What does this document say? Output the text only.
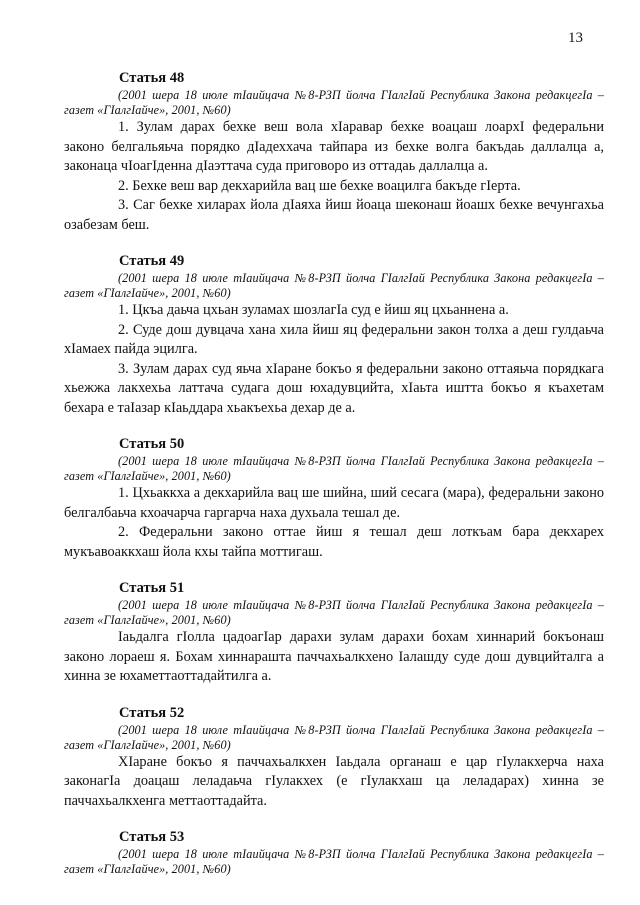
13
Статья 48

(2001 шера 18 июле тІаийцача №8-РЗП йолча ГІалгІай Республика Закона редакцегІа – газет «ГІалгІайче», 2001, №60)

1. Зулам дарах бехке веш вола хІаравар бехке воацаш лоархІ федеральни законо белгальяьча порядко дІадеххача тайпара из бехке волга бакъдаь даллалца а, законаца чІоагІденна дІаэттача суда приговоро из оттадаь даллалца а.

2. Бехке веш вар декхарийла вац ше бехке воацилга бакъде гІерта.

3. Саг бехке хиларах йола дІаяха йиш йоаца шеконаш йоашх бехке вечунгахьа озабезам беш.

Статья 49

(2001 шера 18 июле тІаийцача №8-РЗП йолча ГІалгІай Республика Закона редакцегІа – газет «ГІалгІайче», 2001, №60)

1. Цкъа даьча цхьан зуламах шозлагІа суд е йиш яц цхьаннена а.

2. Суде дош дувцача хана хила йиш яц федеральни закон толха а деш гулдаьча хІамаех пайда эцилга.

3. Зулам дарах суд яьча хІаране бокъо я федеральни законо оттаяьча порядкага хьежжа лакхехьа латтача судага дош юхадувцийта, хІаьта ишттa бокъо я къахетам бехара е таІазар кІаьддара хьакъехьа дехар де а.

Статья 50

(2001 шера 18 июле тІаийцача №8-РЗП йолча ГІалгІай Республика Закона редакцегІа – газет «ГІалгІайче», 2001, №60)

1. Цхьаккха а декхарийла вац ше шийна, ший сесага (мара), федеральни законо белгалбаьча кхоачарча гаргарча наха духьала тешал де.

2. Федеральни законо оттае йиш я тешал деш лоткъам бара декхарех мукъавоаккхаш йола кхы тайпа моттигаш.

Статья 51

(2001 шера 18 июле тІаийцача №8-РЗП йолча ГІалгІай Республика Закона редакцегІа – газет «ГІалгІайче», 2001, №60)

Іаьдалга гІолла цадоагІар дарахи зулам дарахи бохам хиннарий бокъонаш законо лораеш я. Бохам хиннараштa паччахьалкхено Іалашду суде дош дувцийталга а хинна зе юхаметтаоттадайтилга а.

Статья 52

(2001 шера 18 июле тІаийцача №8-РЗП йолча ГІалгІай Республика Закона редакцегІа – газет «ГІалгІайче», 2001, №60)

ХІаране бокъо я паччахьалкхен Іаьдала органаш е цар гІулакхерча наха законагІа доацаш леладаьча гІулакхех (е гІулакхаш ца леладарах) хинна зе паччахьалкхенга меттаоттадайта.

Статья 53

(2001 шера 18 июле тІаийцача №8-РЗП йолча ГІалгІай Республика Закона редакцегІа – газет «ГІалгІайче», 2001, №60)
